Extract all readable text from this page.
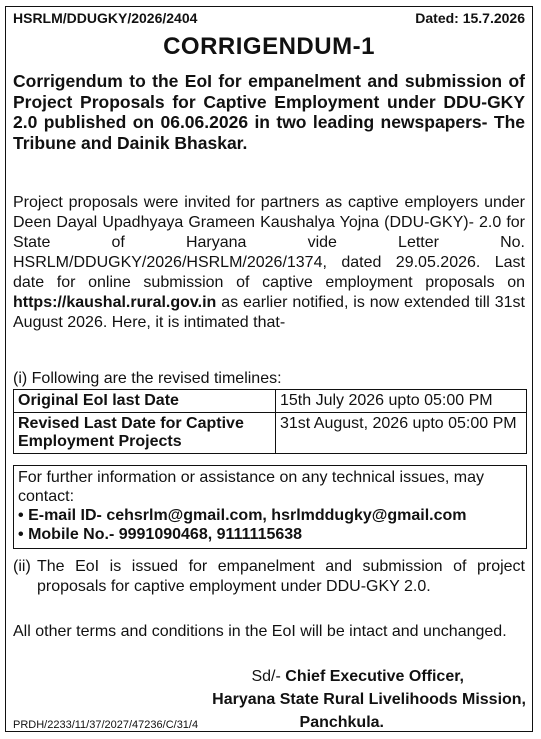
HSRLM/DDUGKY/2026/2404	Dated: 15.7.2026
CORRIGENDUM-1
Corrigendum to the EoI for empanelment and submission of Project Proposals for Captive Employment under DDU-GKY 2.0 published on 06.06.2026 in two leading newspapers- The Tribune and Dainik Bhaskar.
Project proposals were invited for partners as captive employers under Deen Dayal Upadhyaya Grameen Kaushalya Yojna (DDU-GKY)- 2.0 for State of Haryana vide Letter No. HSRLM/DDUGKY/2026/HSRLM/2026/1374, dated 29.05.2026. Last date for online submission of captive employment proposals on https://kaushal.rural.gov.in as earlier notified, is now extended till 31st August 2026. Here, it is intimated that-
(i) Following are the revised timelines:
Original EoI last Date	15th July 2026 upto 05:00 PM
Revised Last Date for Captive Employment Projects	31st August, 2026 upto 05:00 PM
For further information or assistance on any technical issues, may contact:
• E-mail ID- cehsrlm@gmail.com, hsrlmddugky@gmail.com
• Mobile No.- 9991090468, 9111115638
(ii) The EoI is issued for empanelment and submission of project proposals for captive employment under DDU-GKY 2.0.
All other terms and conditions in the EoI will be intact and unchanged.
Sd/- Chief Executive Officer,
Haryana State Rural Livelihoods Mission,
Panchkula.
PRDH/2233/11/37/2027/47236/C/31/4
